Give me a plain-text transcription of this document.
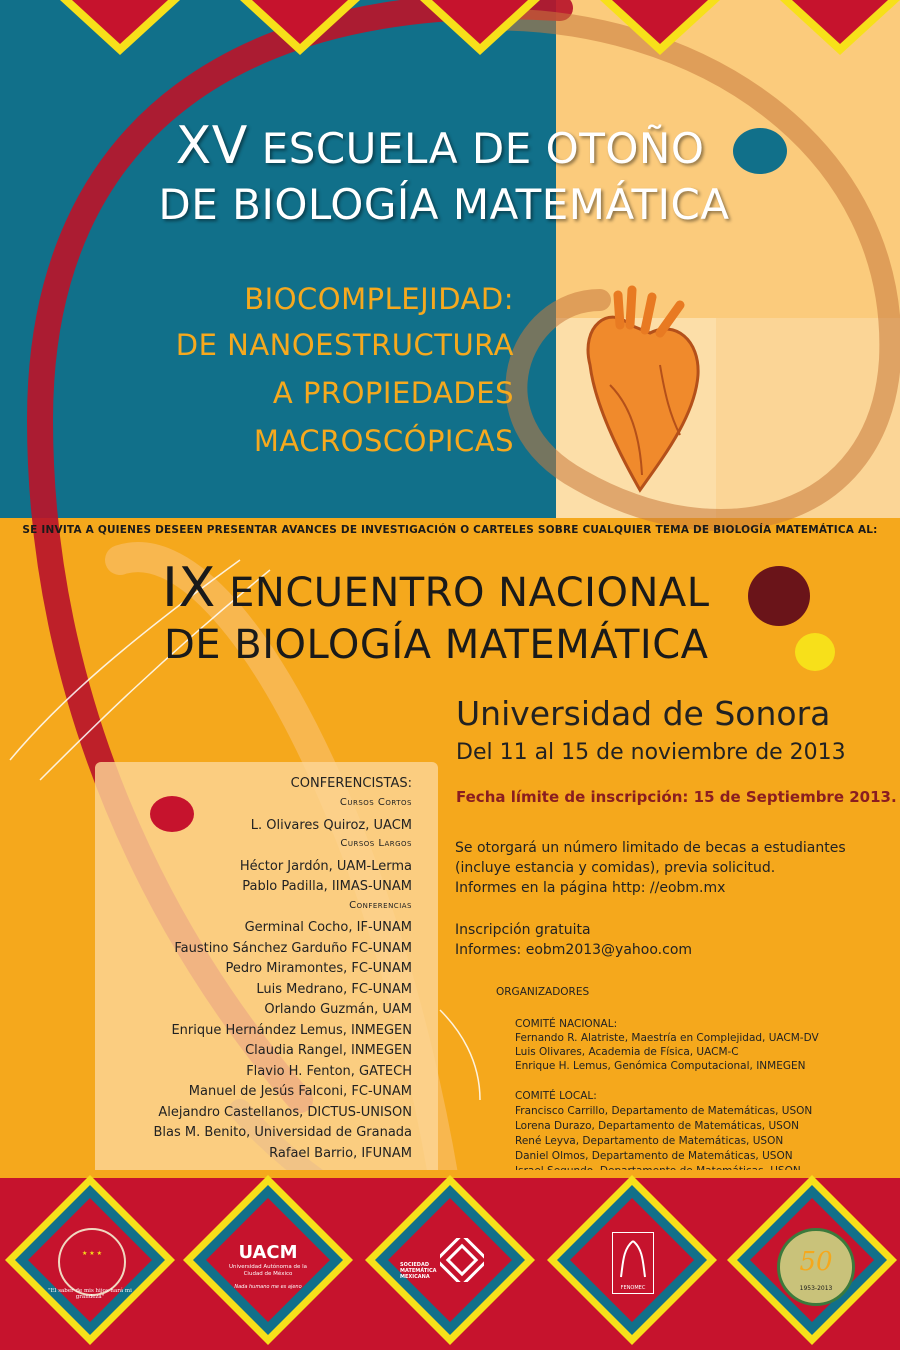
XV ESCUELA DE OTOÑO
DE BIOLOGÍA MATEMÁTICA
BIOCOMPLEJIDAD:
DE NANOESTRUCTURA
A PROPIEDADES
MACROSCÓPICAS
SE INVITA A QUIENES DESEEN PRESENTAR AVANCES DE INVESTIGACIÓN O CARTELES SOBRE CUALQUIER TEMA DE BIOLOGÍA MATEMÁTICA AL:
IX ENCUENTRO NACIONAL
DE BIOLOGÍA MATEMÁTICA
Universidad de Sonora
Del 11 al 15 de noviembre de 2013
Fecha límite de inscripción: 15 de Septiembre 2013.
Se otorgará un número limitado de becas a estudiantes
(incluye estancia y comidas), previa solicitud.
Informes en la página http: //eobm.mx
Inscripción gratuita
Informes: eobm2013@yahoo.com
ORGANIZADORES
COMITÉ NACIONAL:
Fernando R. Alatriste, Maestría en Complejidad, UACM-DV
Luis Olivares, Academia de Física, UACM-C
Enrique H. Lemus, Genómica Computacional, INMEGEN
COMITÉ LOCAL:
Francisco Carrillo, Departamento de Matemáticas, USON
Lorena Durazo, Departamento de Matemáticas, USON
René Leyva, Departamento de Matemáticas, USON
Daniel Olmos, Departamento de Matemáticas, USON
CONFERENCISTAS:
Cursos Cortos
L. Olivares Quiroz, UACM
Cursos Largos
Héctor Jardón, UAM-Lerma
Pablo Padilla, IIMAS-UNAM
Conferencias
Germinal Cocho, IF-UNAM
Faustino Sánchez Garduño FC-UNAM
Pedro Miramontes, FC-UNAM
Luis Medrano, FC-UNAM
Orlando Guzmán, UAM
Enrique Hernández Lemus, INMEGEN
Claudia Rangel, INMEGEN
Flavio H. Fenton, GATECH
Manuel de Jesús Falconi, FC-UNAM
Alejandro Castellanos, DICTUS-UNISON
Blas M. Benito, Universidad de Granada
Rafael Barrio, IFUNAM
★ ★ ★
"El saber de mis hijos hará mi grandeza"
UACM
Universidad Autónoma de la Ciudad de México
Nada humano me es ajeno
SOCIEDAD MATEMÁTICA MEXICANA
FENOMEC
50
1953-2013
